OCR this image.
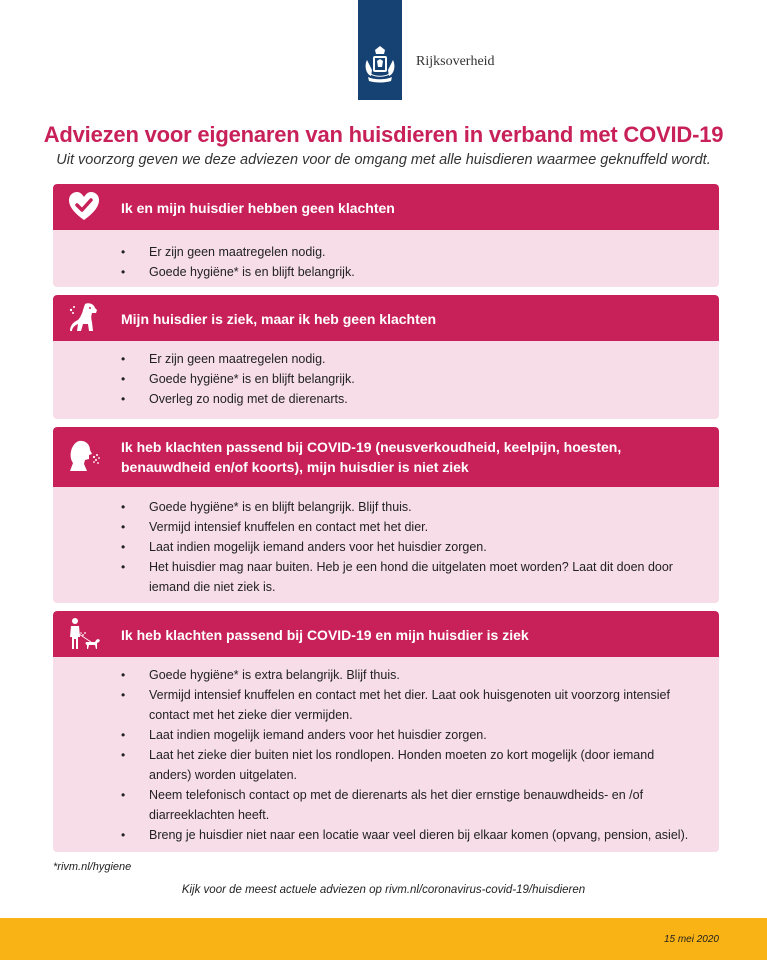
Rijksoverheid
Adviezen voor eigenaren van huisdieren in verband met COVID-19
Uit voorzorg geven we deze adviezen voor de omgang met alle huisdieren waarmee geknuffeld wordt.
Ik en mijn huisdier hebben geen klachten
• Er zijn geen maatregelen nodig.
• Goede hygiëne* is en blijft belangrijk.
Mijn huisdier is ziek, maar ik heb geen klachten
• Er zijn geen maatregelen nodig.
• Goede hygiëne* is en blijft belangrijk.
• Overleg zo nodig met de dierenarts.
Ik heb klachten passend bij COVID-19 (neusverkoudheid, keelpijn, hoesten, benauwdheid en/of koorts), mijn huisdier is niet ziek
• Goede hygiëne* is en blijft belangrijk. Blijf thuis.
• Vermijd intensief knuffelen en contact met het dier.
• Laat indien mogelijk iemand anders voor het huisdier zorgen.
• Het huisdier mag naar buiten. Heb je een hond die uitgelaten moet worden? Laat dit doen door iemand die niet ziek is.
Ik heb klachten passend bij COVID-19 en mijn huisdier is ziek
• Goede hygiëne* is extra belangrijk. Blijf thuis.
• Vermijd intensief knuffelen en contact met het dier. Laat ook huisgenoten uit voorzorg intensief contact met het zieke dier vermijden.
• Laat indien mogelijk iemand anders voor het huisdier zorgen.
• Laat het zieke dier buiten niet los rondlopen. Honden moeten zo kort mogelijk (door iemand anders) worden uitgelaten.
• Neem telefonisch contact op met de dierenarts als het dier ernstige benauwdheids- en /of diarreeklachten heeft.
• Breng je huisdier niet naar een locatie waar veel dieren bij elkaar komen (opvang, pension, asiel).
*rivm.nl/hygiene
Kijk voor de meest actuele adviezen op rivm.nl/coronavirus-covid-19/huisdieren
15 mei 2020
